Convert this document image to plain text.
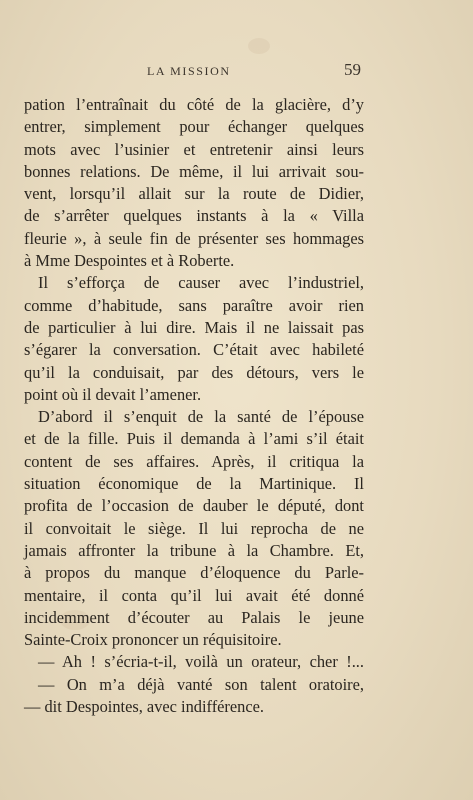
LA MISSION	59
pation l’entraînait du côté de la glacière, d’y
entrer, simplement pour échanger quelques
mots avec l’usinier et entretenir ainsi leurs
bonnes relations. De même, il lui arrivait sou-
vent, lorsqu’il allait sur la route de Didier,
de s’arrêter quelques instants à la « Villa
fleurie », à seule fin de présenter ses hommages
à Mme Despointes et à Roberte.
Il s’efforça de causer avec l’industriel,
comme d’habitude, sans paraître avoir rien
de particulier à lui dire. Mais il ne laissait pas
s’égarer la conversation. C’était avec habileté
qu’il la conduisait, par des détours, vers le
point où il devait l’amener.
D’abord il s’enquit de la santé de l’épouse
et de la fille. Puis il demanda à l’ami s’il était
content de ses affaires. Après, il critiqua la
situation économique de la Martinique. Il
profita de l’occasion de dauber le député, dont
il convoitait le siège. Il lui reprocha de ne
jamais affronter la tribune à la Chambre. Et,
à propos du manque d’éloquence du Parle-
mentaire, il conta qu’il lui avait été donné
incidemment d’écouter au Palais le jeune
Sainte-Croix prononcer un réquisitoire.
— Ah ! s’écria-t-il, voilà un orateur, cher !...
— On m’a déjà vanté son talent oratoire,
— dit Despointes, avec indifférence.
